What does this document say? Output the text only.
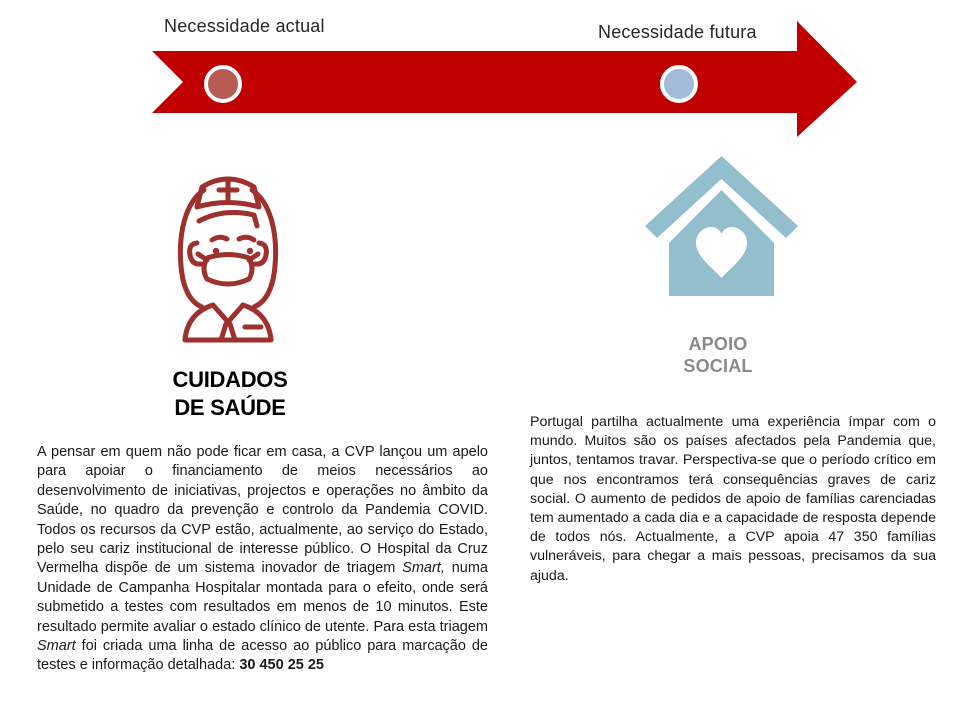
Necessidade actual	Necessidade futura
CUIDADOS
DE SAÚDE
APOIO
SOCIAL

A pensar em quem não pode ficar em casa, a CVP lançou um apelo para apoiar o financiamento de meios necessários ao desenvolvimento de iniciativas, projectos e operações no âmbito da Saúde, no quadro da prevenção e controlo da Pandemia COVID. Todos os recursos da CVP estão, actualmente, ao serviço do Estado, pelo seu cariz institucional de interesse público. O Hospital da Cruz Vermelha dispõe de um sistema inovador de triagem Smart, numa Unidade de Campanha Hospitalar montada para o efeito, onde será submetido a testes com resultados em menos de 10 minutos. Este resultado permite avaliar o estado clínico de utente. Para esta triagem Smart foi criada uma linha de acesso ao público para marcação de testes e informação detalhada: 30 450 25 25

Portugal partilha actualmente uma experiência ímpar com o mundo. Muitos são os países afectados pela Pandemia que, juntos, tentamos travar. Perspectiva-se que o período crítico em que nos encontramos terá consequências graves de cariz social. O aumento de pedidos de apoio de famílias carenciadas tem aumentado a cada dia e a capacidade de resposta depende de todos nós. Actualmente, a CVP apoia 47 350 famílias vulneráveis, para chegar a mais pessoas, precisamos da sua ajuda.
